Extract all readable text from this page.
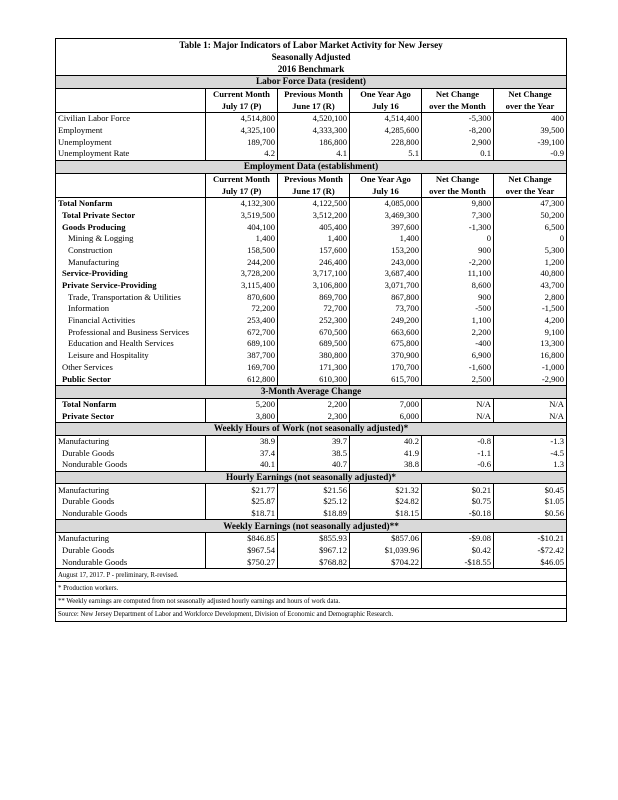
Table 1: Major Indicators of Labor Market Activity for New Jersey					
Seasonally Adjusted					
2016 Benchmark					
Labor Force Data (resident)					
	Current Month	Previous Month	One Year Ago	Net Change	Net Change
	July 17 (P)	June 17 (R)	July 16	over the Month	over the Year
Civilian Labor Force	4,514,800	4,520,100	4,514,400	-5,300	400
Employment	4,325,100	4,333,300	4,285,600	-8,200	39,500
Unemployment	189,700	186,800	228,800	2,900	-39,100
Unemployment Rate	4.2	4.1	5.1	0.1	-0.9
Employment Data (establishment)					
	Current Month	Previous Month	One Year Ago	Net Change	Net Change
	July 17 (P)	June 17 (R)	July 16	over the Month	over the Year
Total Nonfarm	4,132,300	4,122,500	4,085,000	9,800	47,300
Total Private Sector	3,519,500	3,512,200	3,469,300	7,300	50,200
Goods Producing	404,100	405,400	397,600	-1,300	6,500
Mining & Logging	1,400	1,400	1,400	0	0
Construction	158,500	157,600	153,200	900	5,300
Manufacturing	244,200	246,400	243,000	-2,200	1,200
Service-Providing	3,728,200	3,717,100	3,687,400	11,100	40,800
Private Service-Providing	3,115,400	3,106,800	3,071,700	8,600	43,700
Trade, Transportation & Utilities	870,600	869,700	867,800	900	2,800
Information	72,200	72,700	73,700	-500	-1,500
Financial Activities	253,400	252,300	249,200	1,100	4,200
Professional and Business Services	672,700	670,500	663,600	2,200	9,100
Education and Health Services	689,100	689,500	675,800	-400	13,300
Leisure and Hospitality	387,700	380,800	370,900	6,900	16,800
Other Services	169,700	171,300	170,700	-1,600	-1,000
Public Sector	612,800	610,300	615,700	2,500	-2,900
3-Month Average Change					
Total Nonfarm	5,200	2,200	7,000	N/A	N/A
Private Sector	3,800	2,300	6,000	N/A	N/A
Weekly Hours of Work (not seasonally adjusted)*					
Manufacturing	38.9	39.7	40.2	-0.8	-1.3
Durable Goods	37.4	38.5	41.9	-1.1	-4.5
Nondurable Goods	40.1	40.7	38.8	-0.6	1.3
Hourly Earnings (not seasonally adjusted)*					
Manufacturing	$21.77	$21.56	$21.32	$0.21	$0.45
Durable Goods	$25.87	$25.12	$24.82	$0.75	$1.05
Nondurable Goods	$18.71	$18.89	$18.15	-$0.18	$0.56
Weekly Earnings (not seasonally adjusted)**					
Manufacturing	$846.85	$855.93	$857.06	-$9.08	-$10.21
Durable Goods	$967.54	$967.12	$1,039.96	$0.42	-$72.42
Nondurable Goods	$750.27	$768.82	$704.22	-$18.55	$46.05
August 17, 2017. P - preliminary, R-revised.					
* Production workers.					
** Weekly earnings are computed from not seasonally adjusted hourly earnings and hours of work data.					
Source: New Jersey Department of Labor and Workforce Development, Division of Economic and Demographic Research.					
